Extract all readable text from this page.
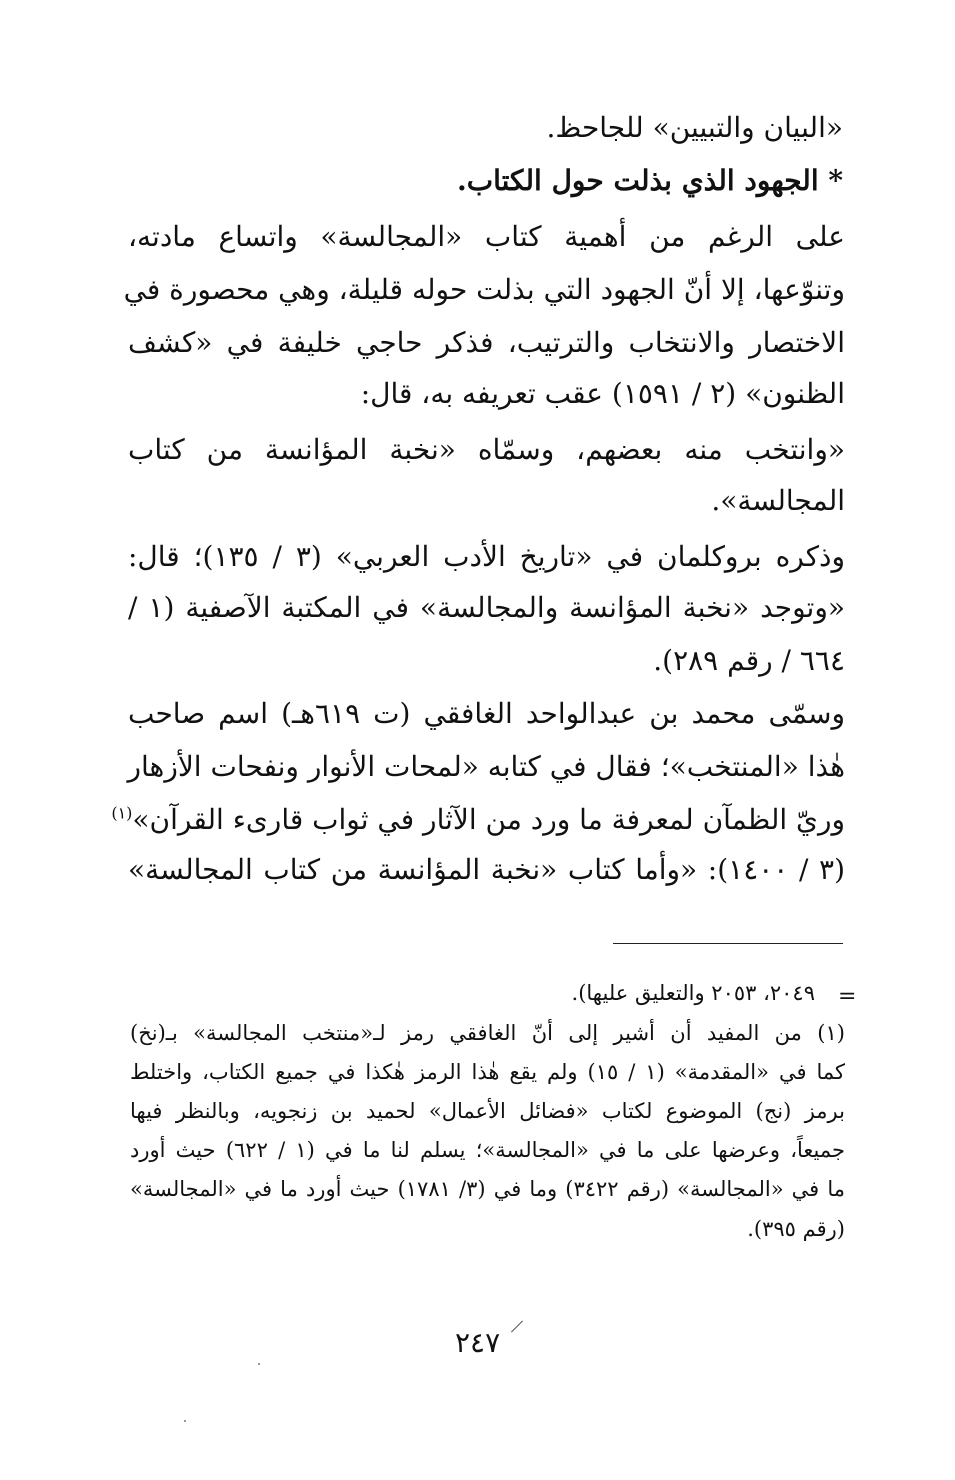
«البيان والتبيين» للجاحظ.
* الجهود الذي بذلت حول الكتاب.
على الرغم من أهمية كتاب «المجالسة» واتساع مادته،
وتنوّعها، إلا أنّ الجهود التي بذلت حوله قليلة، وهي محصورة في
الاختصار والانتخاب والترتيب، فذكر حاجي خليفة في «كشف
الظنون» (٢ / ١٥٩١) عقب تعريفه به، قال:
«وانتخب منه بعضهم، وسمّاه «نخبة المؤانسة من كتاب
المجالسة».
وذكره بروكلمان في «تاريخ الأدب العربي» (٣ / ١٣٥)؛ قال:
«وتوجد «نخبة المؤانسة والمجالسة» في المكتبة الآصفية (١ /
٦٦٤ / رقم ٢٨٩).
وسمّى محمد بن عبدالواحد الغافقي (ت ٦١٩هـ) اسم صاحب
هٰذا «المنتخب»؛ فقال في كتابه «لمحات الأنوار ونفحات الأزهار
وريّ الظمآن لمعرفة ما ورد من الآثار في ثواب قارىء القرآن»$^{(١)}$
(٣ / ١٤٠٠): «وأما كتاب «نخبة المؤانسة من كتاب المجالسة»
=
٢٠٤٩، ٢٠٥٣ والتعليق عليها).
(١) من المفيد أن أشير إلى أنّ الغافقي رمز لـ«منتخب المجالسة» بـ(نخ)
كما في «المقدمة» (١ / ١٥) ولم يقع هٰذا الرمز هٰكذا في جميع الكتاب، واختلط
برمز (نج) الموضوع لكتاب «فضائل الأعمال» لحميد بن زنجويه، وبالنظر فيها
جميعاً، وعرضها على ما في «المجالسة»؛ يسلم لنا ما في (١ / ٦٢٢) حيث أورد
ما في «المجالسة» (رقم ٣٤٢٢) وما في (٣/ ١٧٨١) حيث أورد ما في «المجالسة»
(رقم ٣٩٥).
٢٤٧
